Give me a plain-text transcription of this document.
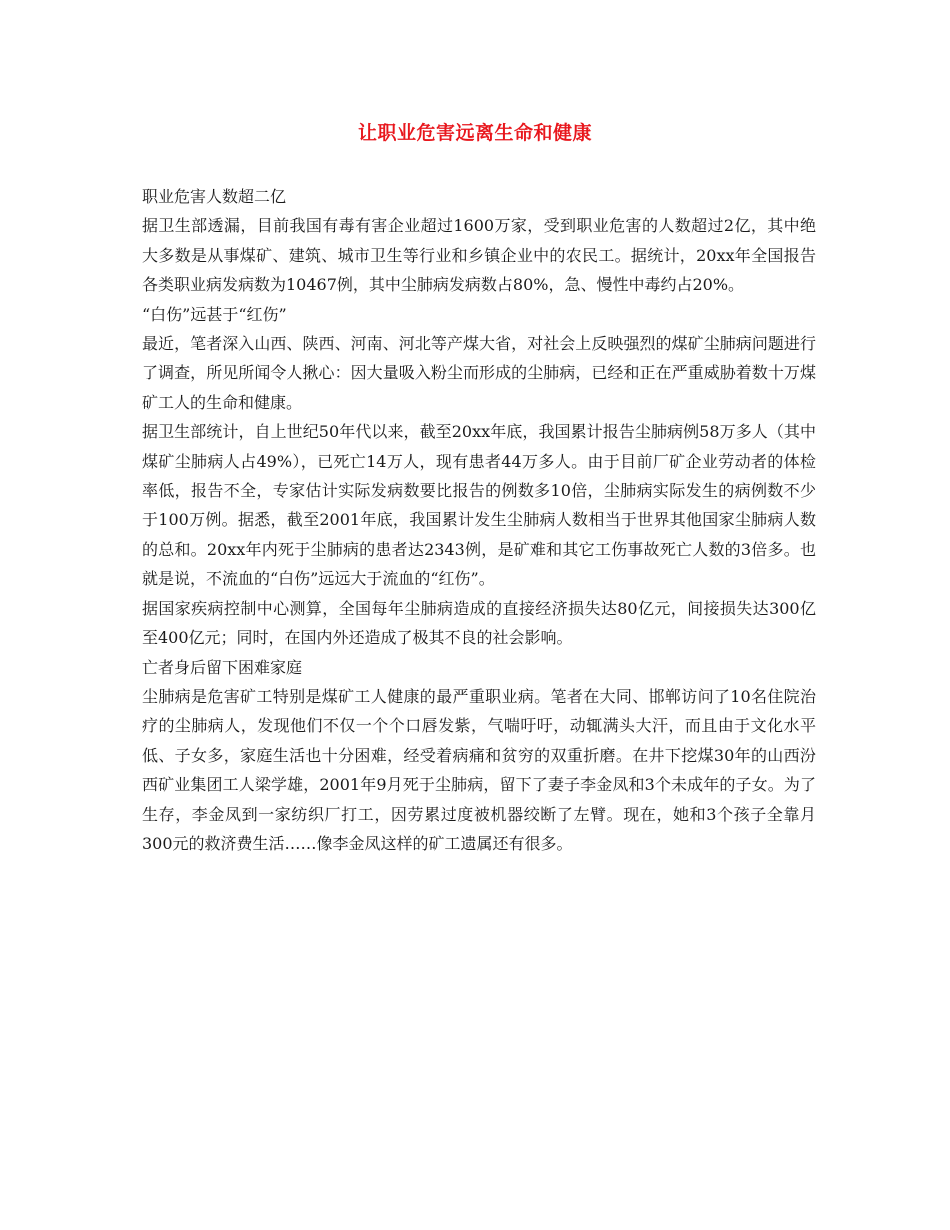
让职业危害远离生命和健康

职业危害人数超二亿

据卫生部透漏，目前我国有毒有害企业超过1600万家，受到职业危害的人数超过2亿，其中绝大多数是从事煤矿、建筑、城市卫生等行业和乡镇企业中的农民工。据统计，20xx年全国报告各类职业病发病数为10467例，其中尘肺病发病数占80%，急、慢性中毒约占20%。

“白伤”远甚于“红伤”

最近，笔者深入山西、陕西、河南、河北等产煤大省，对社会上反映强烈的煤矿尘肺病问题进行了调查，所见所闻令人揪心：因大量吸入粉尘而形成的尘肺病，已经和正在严重威胁着数十万煤矿工人的生命和健康。

据卫生部统计，自上世纪50年代以来，截至20xx年底，我国累计报告尘肺病例58万多人（其中煤矿尘肺病人占49%），已死亡14万人，现有患者44万多人。由于目前厂矿企业劳动者的体检率低，报告不全，专家估计实际发病数要比报告的例数多10倍，尘肺病实际发生的病例数不少于100万例。据悉，截至2001年底，我国累计发生尘肺病人数相当于世界其他国家尘肺病人数的总和。20xx年内死于尘肺病的患者达2343例，是矿难和其它工伤事故死亡人数的3倍多。也就是说，不流血的“白伤”远远大于流血的“红伤”。

据国家疾病控制中心测算，全国每年尘肺病造成的直接经济损失达80亿元，间接损失达300亿至400亿元；同时，在国内外还造成了极其不良的社会影响。

亡者身后留下困难家庭

尘肺病是危害矿工特别是煤矿工人健康的最严重职业病。笔者在大同、邯郸访问了10名住院治疗的尘肺病人，发现他们不仅一个个口唇发紫，气喘吁吁，动辄满头大汗，而且由于文化水平低、子女多，家庭生活也十分困难，经受着病痛和贫穷的双重折磨。在井下挖煤30年的山西汾西矿业集团工人梁学雄，2001年9月死于尘肺病，留下了妻子李金凤和3个未成年的子女。为了生存，李金凤到一家纺织厂打工，因劳累过度被机器绞断了左臂。现在，她和3个孩子全靠月300元的救济费生活……像李金凤这样的矿工遗属还有很多。
